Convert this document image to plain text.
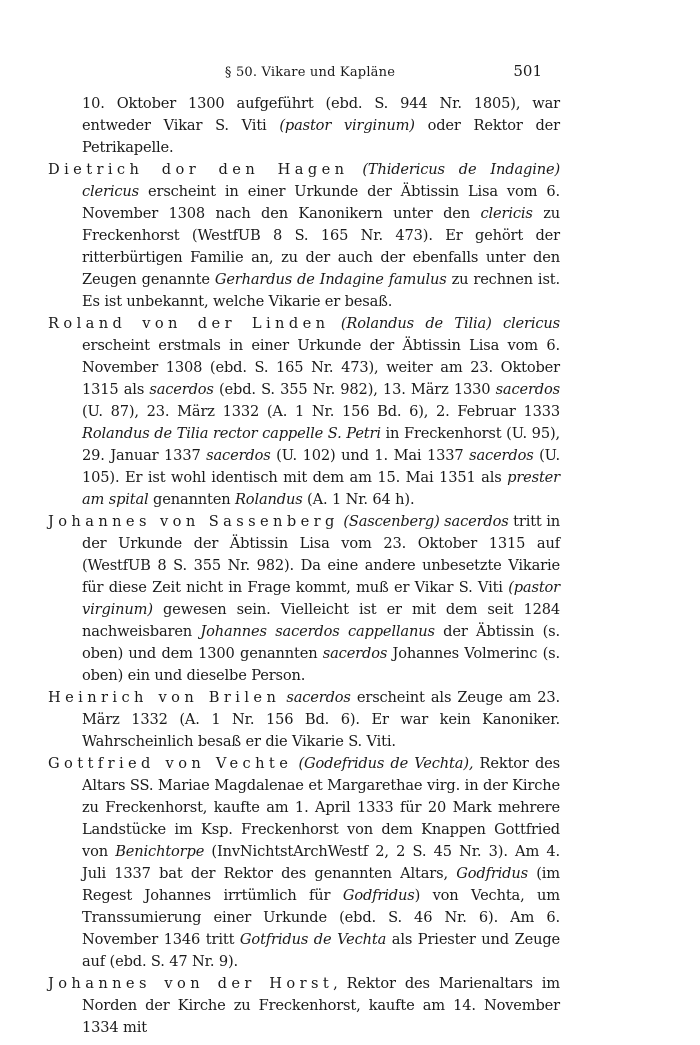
§ 50. Vikare und Kapläne	501

10. Oktober 1300 aufgeführt (ebd. S. 944 Nr. 1805), war entweder Vikar S. Viti (pastor virginum) oder Rektor der Petrikapelle.

Dietrich dor den Hagen (Thidericus de Indagine) clericus erscheint in einer Urkunde der Äbtissin Lisa vom 6. November 1308 nach den Kanonikern unter den clericis zu Freckenhorst (WestfUB 8 S. 165 Nr. 473). Er gehört der ritterbürtigen Familie an, zu der auch der ebenfalls unter den Zeugen genannte Gerhardus de Indagine famulus zu rechnen ist. Es ist unbekannt, welche Vikarie er besaß.

Roland von der Linden (Rolandus de Tilia) clericus erscheint erstmals in einer Urkunde der Äbtissin Lisa vom 6. November 1308 (ebd. S. 165 Nr. 473), weiter am 23. Oktober 1315 als sacerdos (ebd. S. 355 Nr. 982), 13. März 1330 sacerdos (U. 87), 23. März 1332 (A. 1 Nr. 156 Bd. 6), 2. Februar 1333 Rolandus de Tilia rector cappelle S. Petri in Freckenhorst (U. 95), 29. Januar 1337 sacerdos (U. 102) und 1. Mai 1337 sacerdos (U. 105). Er ist wohl identisch mit dem am 15. Mai 1351 als prester am spital genannten Rolandus (A. 1 Nr. 64 h).

Johannes von Sassenberg (Sascenberg) sacerdos tritt in der Urkunde der Äbtissin Lisa vom 23. Oktober 1315 auf (WestfUB 8 S. 355 Nr. 982). Da eine andere unbesetzte Vikarie für diese Zeit nicht in Frage kommt, muß er Vikar S. Viti (pastor virginum) gewesen sein. Vielleicht ist er mit dem seit 1284 nachweisbaren Johannes sacerdos cappellanus der Äbtissin (s. oben) und dem 1300 genannten sacerdos Johannes Volmerinc (s. oben) ein und dieselbe Person.

Heinrich von Brilen sacerdos erscheint als Zeuge am 23. März 1332 (A. 1 Nr. 156 Bd. 6). Er war kein Kanoniker. Wahrscheinlich besaß er die Vikarie S. Viti.

Gottfried von Vechte (Godefridus de Vechta), Rektor des Altars SS. Mariae Magdalenae et Margarethae virg. in der Kirche zu Freckenhorst, kaufte am 1. April 1333 für 20 Mark mehrere Landstücke im Ksp. Freckenhorst von dem Knappen Gottfried von Benichtorpe (InvNichtstArchWestf 2, 2 S. 45 Nr. 3). Am 4. Juli 1337 bat der Rektor des genannten Altars, Godfridus (im Regest Johannes irrtümlich für Godfridus) von Vechta, um Transsumierung einer Urkunde (ebd. S. 46 Nr. 6). Am 6. November 1346 tritt Gotfridus de Vechta als Priester und Zeuge auf (ebd. S. 47 Nr. 9).

Johannes von der Horst, Rektor des Marienaltars im Norden der Kirche zu Freckenhorst, kaufte am 14. November 1334 mit
